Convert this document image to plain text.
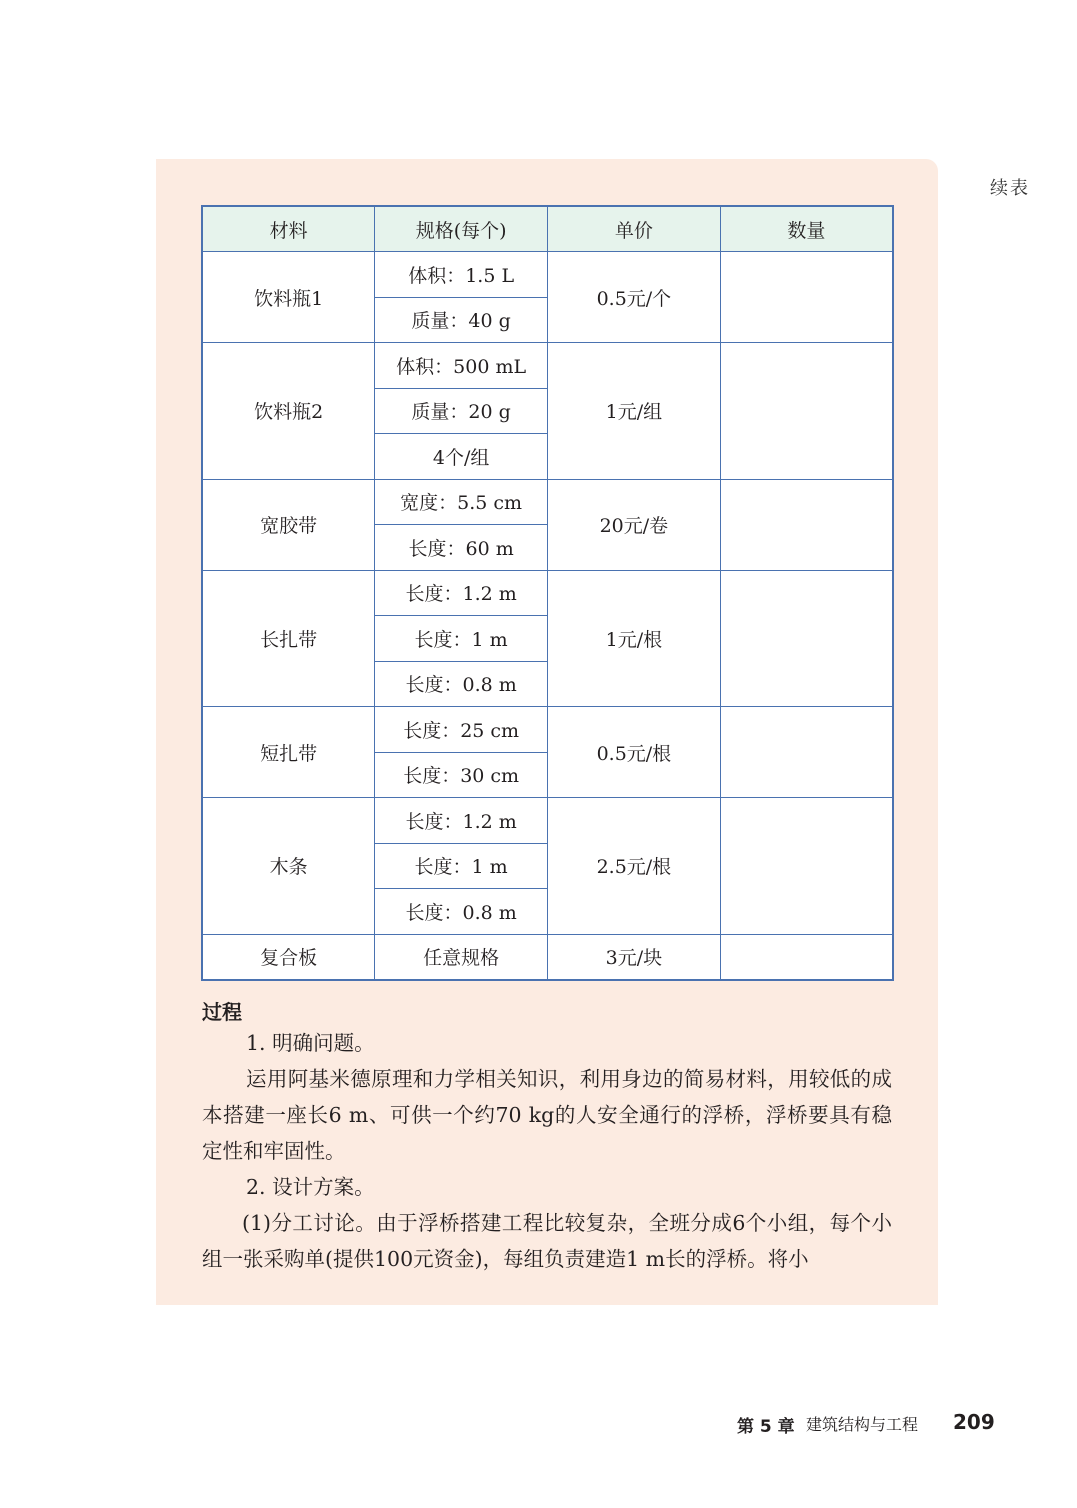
续表
材料	规格(每个)	单价	数量
饮料瓶1	体积：1.5 L	0.5元/个	
	质量：40 g		
饮料瓶2	体积：500 mL	1元/组	
	质量：20 g		
	4个/组		
宽胶带	宽度：5.5 cm	20元/卷	
	长度：60 m		
长扎带	长度：1.2 m	1元/根	
	长度：1 m		
	长度：0.8 m		
短扎带	长度：25 cm	0.5元/根	
	长度：30 cm		
木条	长度：1.2 m	2.5元/根	
	长度：1 m		
	长度：0.8 m		
复合板	任意规格	3元/块	
过程
1. 明确问题。
运用阿基米德原理和力学相关知识，利用身边的简易材料，用较低的成本搭建一座长6 m、可供一个约70 kg的人安全通行的浮桥，浮桥要具有稳定性和牢固性。
2. 设计方案。
(1)分工讨论。由于浮桥搭建工程比较复杂，全班分成6个小组，每个小组一张采购单(提供100元资金)，每组负责建造1 m长的浮桥。将小
第 5 章 建筑结构与工程 209
